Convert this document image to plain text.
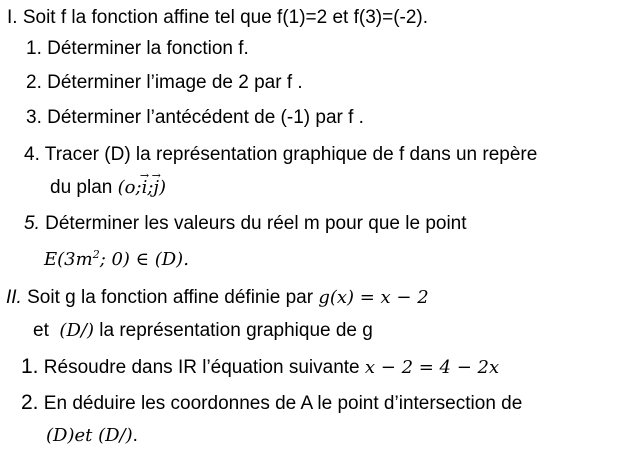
I. Soit f la fonction affine tel que f(1)=2 et f(3)=(-2).
1. Déterminer la fonction f.
2. Déterminer l’image de 2 par f .
3. Déterminer l’antécédent de (-1) par f .
4. Tracer (D) la représentation graphique de f dans un repère
du plan (o;→ i;→ j)
5. Déterminer les valeurs du réel m pour que le point
$E(3m^2$; 0) ∈ (D).
II. Soit g la fonction affine définie par g(x) = x − 2
et (D/) la représentation graphique de g
1. Résoudre dans IR l’équation suivante x − 2 = 4 − 2x
2. En déduire les coordonnes de A le point d’intersection de
(D)et (D/).
